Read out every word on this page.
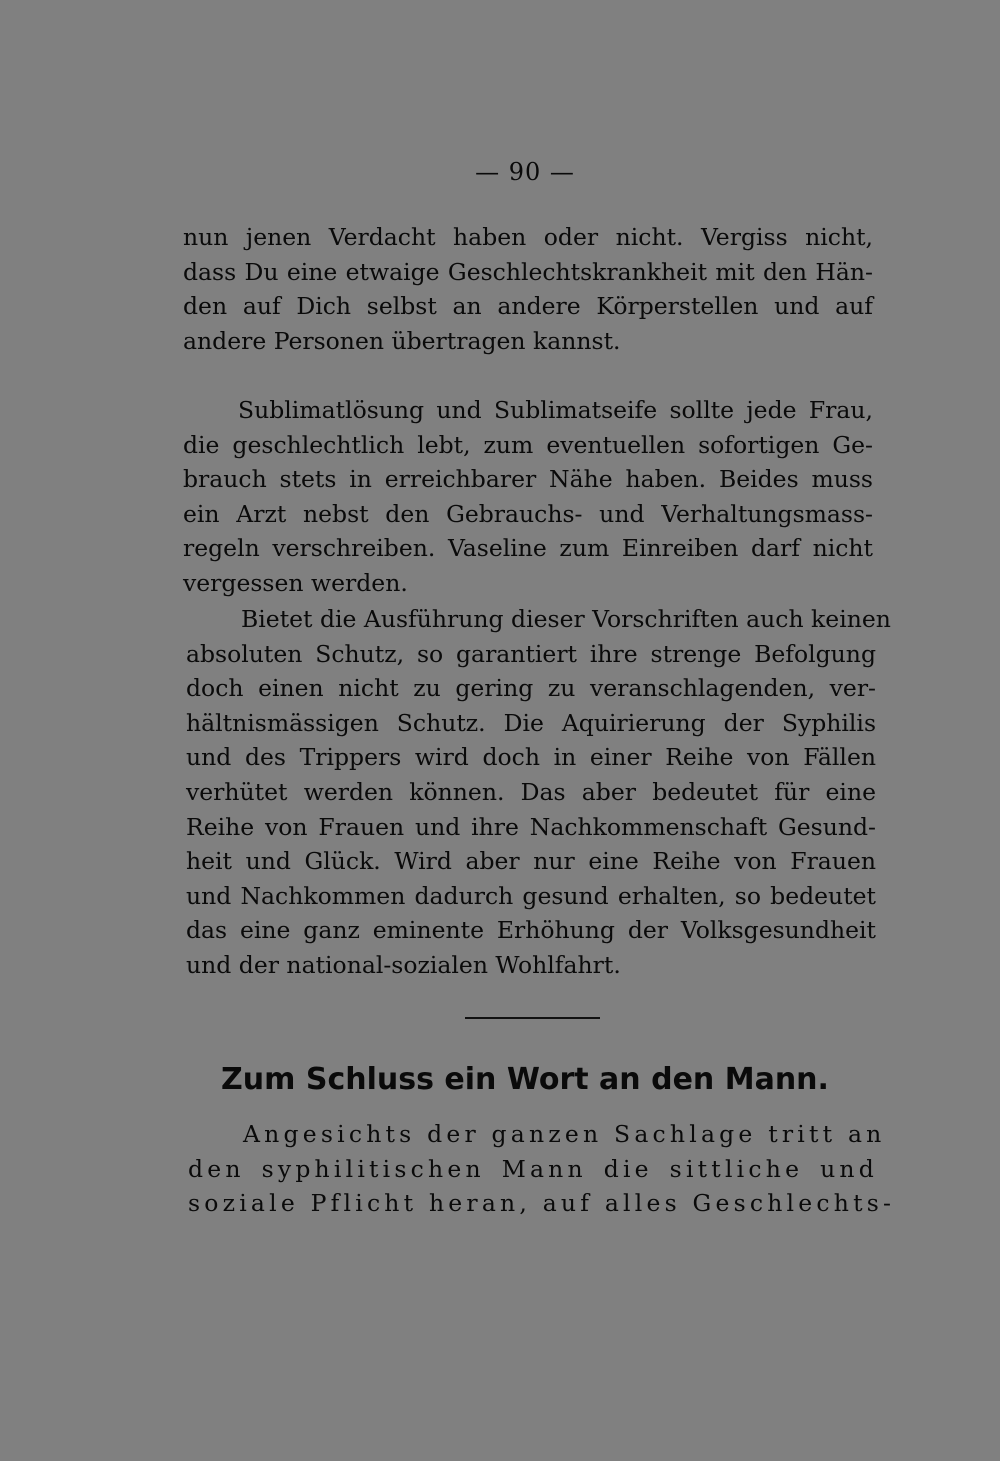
— 90 —
nun jenen Verdacht haben oder nicht. Vergiss nicht,
dass Du eine etwaige Geschlechtskrankheit mit den Hän-
den auf Dich selbst an andere Körperstellen und auf
andere Personen übertragen kannst.
Sublimatlösung und Sublimatseife sollte jede Frau,
die geschlechtlich lebt, zum eventuellen sofortigen Ge-
brauch stets in erreichbarer Nähe haben. Beides muss
ein Arzt nebst den Gebrauchs- und Verhaltungsmass-
regeln verschreiben. Vaseline zum Einreiben darf nicht
vergessen werden.
Bietet die Ausführung dieser Vorschriften auch keinen
absoluten Schutz, so garantiert ihre strenge Befolgung
doch einen nicht zu gering zu veranschlagenden, ver-
hältnismässigen Schutz. Die Aquirierung der Syphilis
und des Trippers wird doch in einer Reihe von Fällen
verhütet werden können. Das aber bedeutet für eine
Reihe von Frauen und ihre Nachkommenschaft Gesund-
heit und Glück. Wird aber nur eine Reihe von Frauen
und Nachkommen dadurch gesund erhalten, so bedeutet
das eine ganz eminente Erhöhung der Volksgesundheit
und der national-sozialen Wohlfahrt.
Zum Schluss ein Wort an den Mann.
Angesichts der ganzen Sachlage tritt an
den syphilitischen Mann die sittliche und
soziale Pflicht heran, auf alles Geschlechts-
